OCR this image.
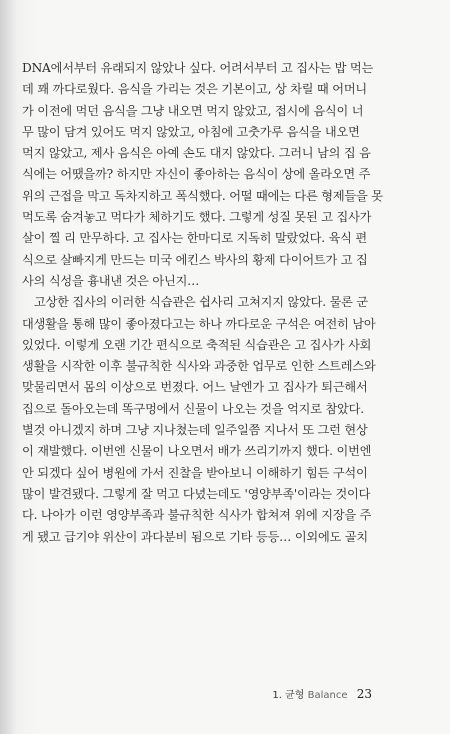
DNA에서부터 유래되지 않았나 싶다. 어려서부터 고 집사는 밥 먹는
데 꽤 까다로웠다. 음식을 가리는 것은 기본이고, 상 차릴 때 어머니
가 이전에 먹던 음식을 그냥 내오면 먹지 않았고, 접시에 음식이 너
무 많이 담겨 있어도 먹지 않았고, 아침에 고춧가루 음식을 내오면
먹지 않았고, 제사 음식은 아예 손도 대지 않았다. 그러니 남의 집 음
식에는 어땠을까? 하지만 자신이 좋아하는 음식이 상에 올라오면 주
위의 근접을 막고 독차지하고 폭식했다. 어떨 때에는 다른 형제들을 못
먹도록 숨겨놓고 먹다가 체하기도 했다. 그렇게 성질 못된 고 집사가
살이 찔 리 만무하다. 고 집사는 한마디로 지독히 말랐었다. 육식 편
식으로 살빠지게 만드는 미국 에킨스 박사의 황제 다이어트가 고 집
사의 식성을 흉내낸 것은 아닌지…
고상한 집사의 이러한 식습관은 쉽사리 고쳐지지 않았다. 물론 군
대생활을 통해 많이 좋아졌다고는 하나 까다로운 구석은 여전히 남아
있었다. 이렇게 오랜 기간 편식으로 축적된 식습관은 고 집사가 사회
생활을 시작한 이후 불규칙한 식사와 과중한 업무로 인한 스트레스와
맞물리면서 몸의 이상으로 번졌다. 어느 날엔가 고 집사가 퇴근해서
집으로 돌아오는데 똑구멍에서 신물이 나오는 것을 억지로 참았다.
별것 아니겠지 하며 그냥 지나쳤는데 일주일쯤 지나서 또 그런 현상
이 재발했다. 이번엔 신물이 나오면서 배가 쓰리기까지 했다. 이번엔
안 되겠다 싶어 병원에 가서 진찰을 받아보니 이해하기 힘든 구석이
많이 발견됐다. 그렇게 잘 먹고 다녔는데도 '영양부족'이라는 것이다
다. 나아가 이런 영양부족과 불규칙한 식사가 합쳐져 위에 지장을 주
게 됐고 급기야 위산이 과다분비 됨으로 기타 등등… 이외에도 골치
1. 균형 Balance 23
